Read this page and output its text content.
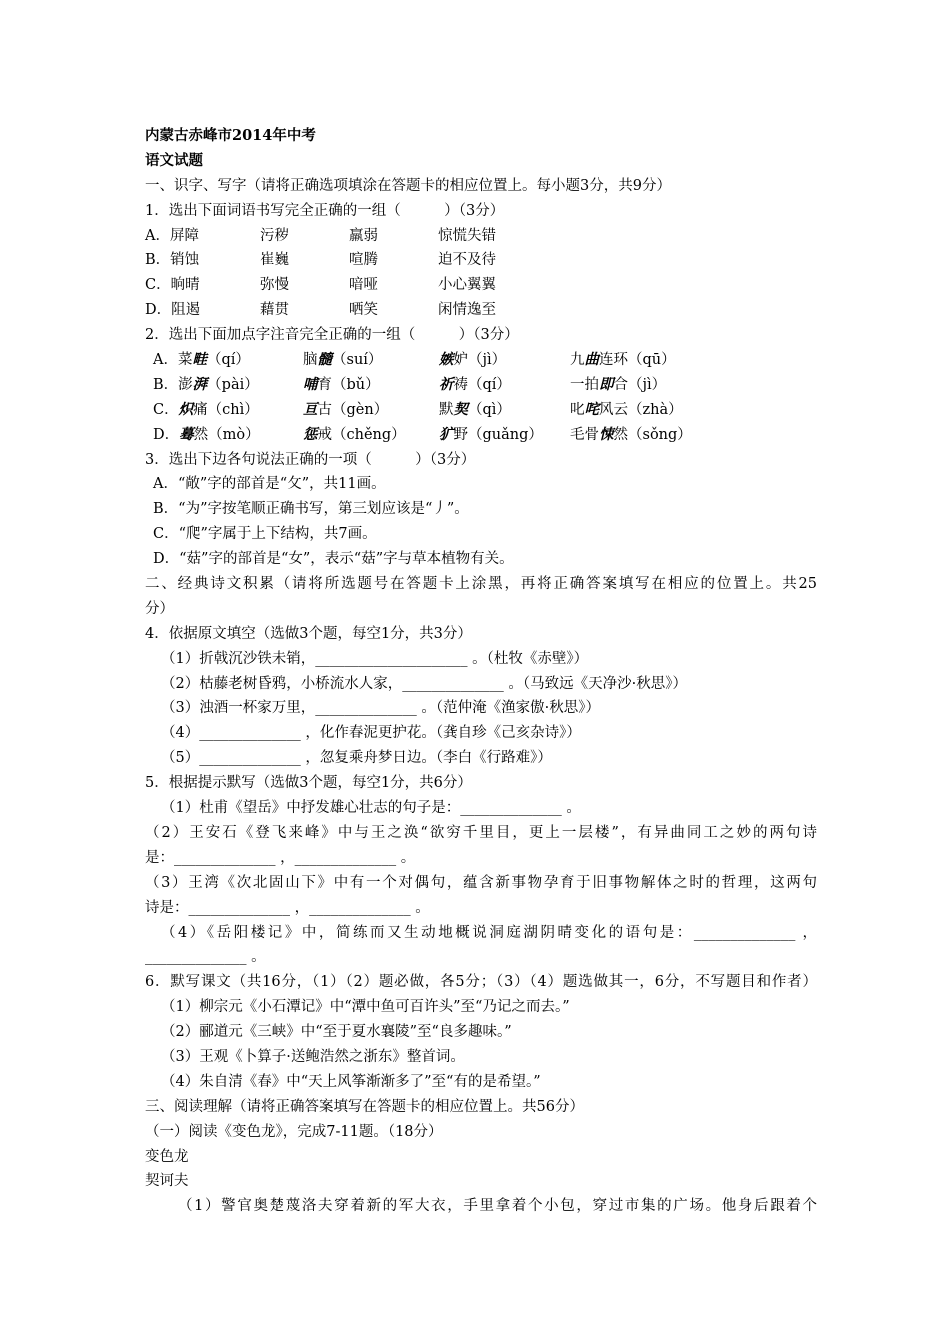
内蒙古赤峰市2014年中考
语文试题
一、识字、写字（请将正确选项填涂在答题卡的相应位置上。每小题3分，共9分）
1．选出下面词语书写完全正确的一组（　　　）（3分）
A．屏障	污秽	羸弱	惊慌失错
B．销蚀	崔巍	喧腾	迫不及待
C．晌晴	弥慢	喑哑	小心翼翼
D．阻遏	藉贯	哂笑	闲情逸至
2．选出下面加点字注音完全正确的一组（　　　）（3分）
A．菜畦（qí）	脑髓（suí）	嫉妒（jì）	九曲连环（qū）
B．澎湃（pài）	哺育（bǔ）	祈祷（qí）	一拍即合（jì）
C．炽痛（chì）	亘古（gèn）	默契（qì）	叱咤风云（zhà）
D．蓦然（mò）	惩戒（chěng） 犷野（guǎng） 毛骨悚然（sǒng）
3．选出下边各句说法正确的一项（　　　）（3分）
A．“敞”字的部首是“攵”，共11画。
B．“为”字按笔顺正确书写，第三划应该是“丿”。
C．“爬”字属于上下结构，共7画。
D．“菇”字的部首是“女”，表示“菇”字与草本植物有关。
二、经典诗文积累（请将所选题号在答题卡上涂黑，再将正确答案填写在相应的位置上。共25
分）
4．依据原文填空（选做3个题，每空1分，共3分）
（1）折戟沉沙铁未销，_____________________ 。（杜牧《赤壁》）
（2）枯藤老树昏鸦，小桥流水人家，______________ 。（马致远《天净沙·秋思》）
（3）浊酒一杯家万里，______________ 。（范仲淹《渔家傲·秋思》）
（4）______________ ，化作春泥更护花。（龚自珍《己亥杂诗》）
（5）______________ ，忽复乘舟梦日边。（李白《行路难》）
5．根据提示默写（选做3个题，每空1分，共6分）
（1）杜甫《望岳》中抒发雄心壮志的句子是：______________ 。
（2）王安石《登飞来峰》中与王之涣“欲穷千里目，更上一层楼”，有异曲同工之妙的两句诗
是：______________ ，______________ 。
（3）王湾《次北固山下》中有一个对偶句，蕴含新事物孕育于旧事物解体之时的哲理，这两句
诗是：______________ ，______________ 。
（4）《岳阳楼记》中，简练而又生动地概说洞庭湖阴晴变化的语句是：______________ ，
______________ 。
6．默写课文（共16分，（1）（2）题必做，各5分；（3）（4）题选做其一，6分，不写题目和作者）
（1）柳宗元《小石潭记》中“潭中鱼可百许头”至“乃记之而去。”
（2）郦道元《三峡》中“至于夏水襄陵”至“良多趣味。”
（3）王观《卜算子·送鲍浩然之浙东》整首词。
（4）朱自清《春》中“天上风筝渐渐多了”至“有的是希望。”
三、阅读理解（请将正确答案填写在答题卡的相应位置上。共56分）
（一）阅读《变色龙》，完成7-11题。（18分）
变色龙
契诃夫
（1）警官奥楚蔑洛夫穿着新的军大衣，手里拿着个小包，穿过市集的广场。他身后跟着个
